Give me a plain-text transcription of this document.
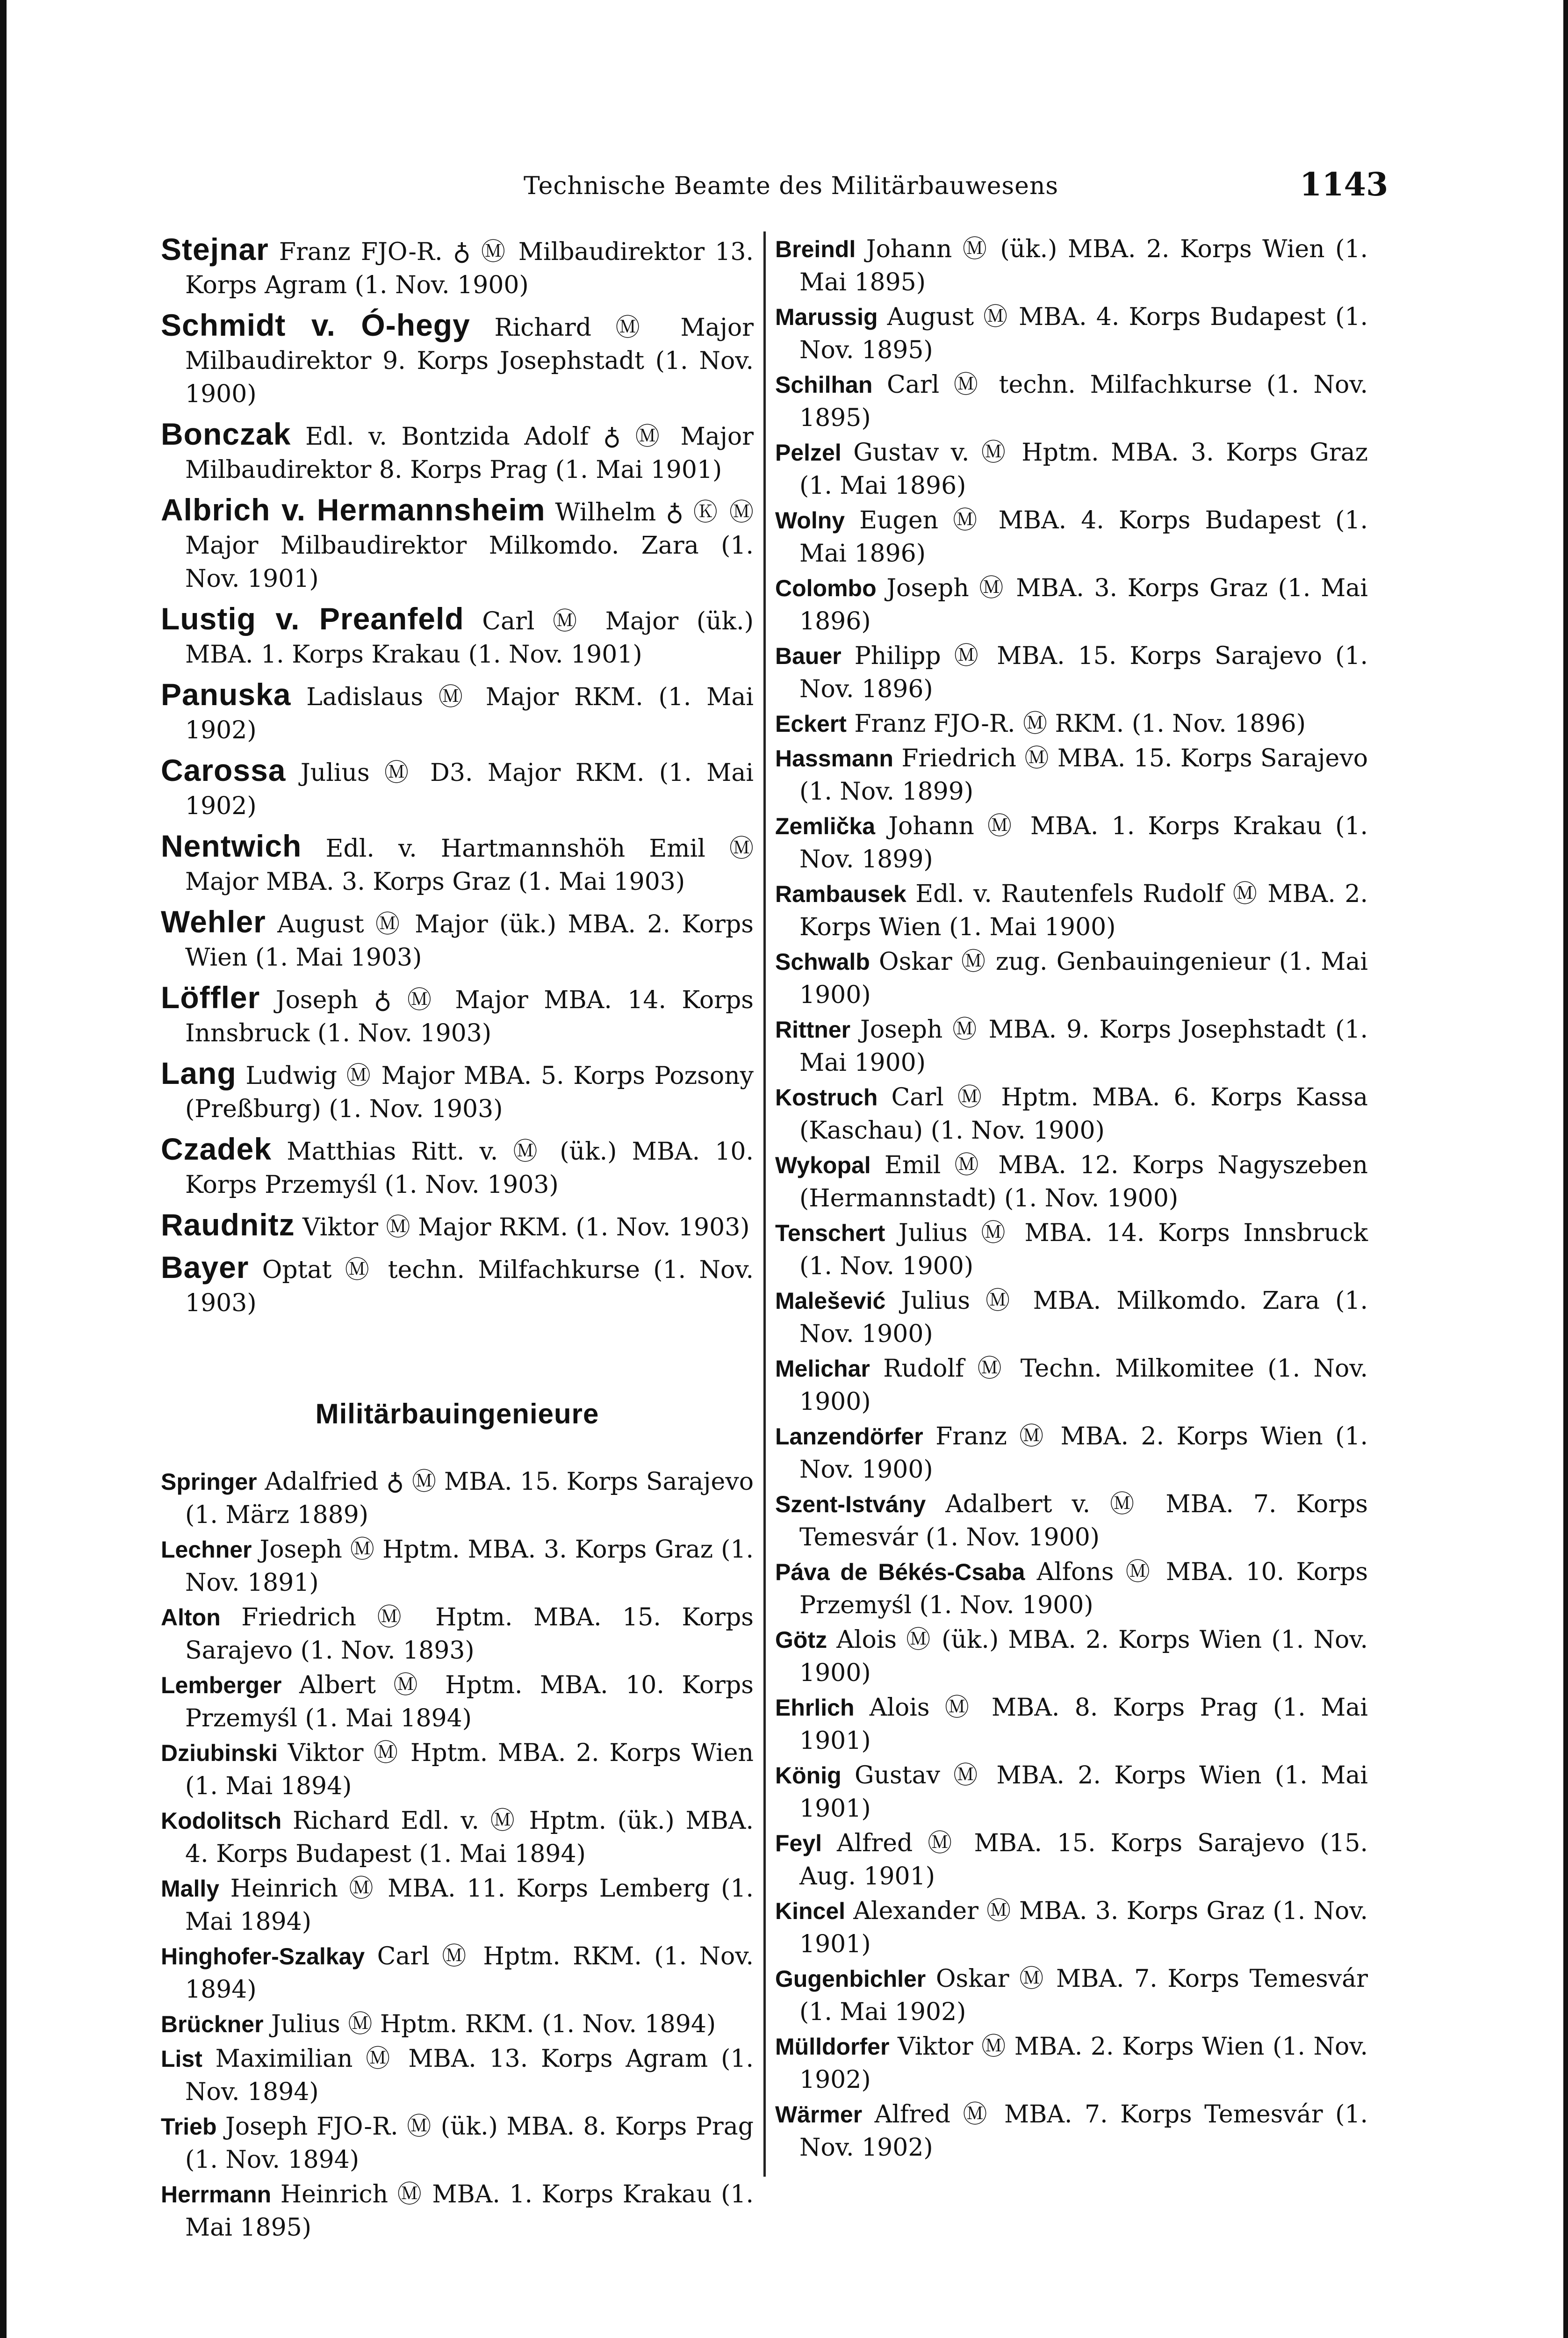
Technische Beamte des Militärbauwesens	1143
Stejnar Franz FJO-R. ♁ Ⓜ Milbaudirektor 13. Korps Agram (1. Nov. 1900)
Schmidt v. Ó-hegy Richard Ⓜ Major Milbaudirektor 9. Korps Josephstadt (1. Nov. 1900)
Bonczak Edl. v. Bontzida Adolf ♁ Ⓜ Major Milbaudirektor 8. Korps Prag (1. Mai 1901)
Albrich v. Hermannsheim Wilhelm ♁ Ⓚ Ⓜ Major Milbaudirektor Milkomdo. Zara (1. Nov. 1901)
Lustig v. Preanfeld Carl Ⓜ Major (ük.) MBA. 1. Korps Krakau (1. Nov. 1901)
Panuska Ladislaus Ⓜ Major RKM. (1. Mai 1902)
Carossa Julius Ⓜ D3. Major RKM. (1. Mai 1902)
Nentwich Edl. v. Hartmannshöh Emil Ⓜ Major MBA. 3. Korps Graz (1. Mai 1903)
Wehler August Ⓜ Major (ük.) MBA. 2. Korps Wien (1. Mai 1903)
Löffler Joseph ♁ Ⓜ Major MBA. 14. Korps Innsbruck (1. Nov. 1903)
Lang Ludwig Ⓜ Major MBA. 5. Korps Pozsony (Preßburg) (1. Nov. 1903)
Czadek Matthias Ritt. v. Ⓜ (ük.) MBA. 10. Korps Przemyśl (1. Nov. 1903)
Raudnitz Viktor Ⓜ Major RKM. (1. Nov. 1903)
Bayer Optat Ⓜ techn. Milfachkurse (1. Nov. 1903)
Militärbauingenieure
Springer Adalfried ♁ Ⓜ MBA. 15. Korps Sarajevo (1. März 1889)
Lechner Joseph Ⓜ Hptm. MBA. 3. Korps Graz (1. Nov. 1891)
Alton Friedrich Ⓜ Hptm. MBA. 15. Korps Sarajevo (1. Nov. 1893)
Lemberger Albert Ⓜ Hptm. MBA. 10. Korps Przemyśl (1. Mai 1894)
Dziubinski Viktor Ⓜ Hptm. MBA. 2. Korps Wien (1. Mai 1894)
Kodolitsch Richard Edl. v. Ⓜ Hptm. (ük.) MBA. 4. Korps Budapest (1. Mai 1894)
Mally Heinrich Ⓜ MBA. 11. Korps Lemberg (1. Mai 1894)
Hinghofer-Szalkay Carl Ⓜ Hptm. RKM. (1. Nov. 1894)
Brückner Julius Ⓜ Hptm. RKM. (1. Nov. 1894)
List Maximilian Ⓜ MBA. 13. Korps Agram (1. Nov. 1894)
Trieb Joseph FJO-R. Ⓜ (ük.) MBA. 8. Korps Prag (1. Nov. 1894)
Herrmann Heinrich Ⓜ MBA. 1. Korps Krakau (1. Mai 1895)
Breindl Johann Ⓜ (ük.) MBA. 2. Korps Wien (1. Mai 1895)
Marussig August Ⓜ MBA. 4. Korps Budapest (1. Nov. 1895)
Schilhan Carl Ⓜ techn. Milfachkurse (1. Nov. 1895)
Pelzel Gustav v. Ⓜ Hptm. MBA. 3. Korps Graz (1. Mai 1896)
Wolny Eugen Ⓜ MBA. 4. Korps Budapest (1. Mai 1896)
Colombo Joseph Ⓜ MBA. 3. Korps Graz (1. Mai 1896)
Bauer Philipp Ⓜ MBA. 15. Korps Sarajevo (1. Nov. 1896)
Eckert Franz FJO-R. Ⓜ RKM. (1. Nov. 1896)
Hassmann Friedrich Ⓜ MBA. 15. Korps Sarajevo (1. Nov. 1899)
Zemlička Johann Ⓜ MBA. 1. Korps Krakau (1. Nov. 1899)
Rambausek Edl. v. Rautenfels Rudolf Ⓜ MBA. 2. Korps Wien (1. Mai 1900)
Schwalb Oskar Ⓜ zug. Genbauingenieur (1. Mai 1900)
Rittner Joseph Ⓜ MBA. 9. Korps Josephstadt (1. Mai 1900)
Kostruch Carl Ⓜ Hptm. MBA. 6. Korps Kassa (Kaschau) (1. Nov. 1900)
Wykopal Emil Ⓜ MBA. 12. Korps Nagyszeben (Hermannstadt) (1. Nov. 1900)
Tenschert Julius Ⓜ MBA. 14. Korps Innsbruck (1. Nov. 1900)
Malešević Julius Ⓜ MBA. Milkomdo. Zara (1. Nov. 1900)
Melichar Rudolf Ⓜ Techn. Milkomitee (1. Nov. 1900)
Lanzendörfer Franz Ⓜ MBA. 2. Korps Wien (1. Nov. 1900)
Szent-Istvány Adalbert v. Ⓜ MBA. 7. Korps Temesvár (1. Nov. 1900)
Páva de Békés-Csaba Alfons Ⓜ MBA. 10. Korps Przemyśl (1. Nov. 1900)
Götz Alois Ⓜ (ük.) MBA. 2. Korps Wien (1. Nov. 1900)
Ehrlich Alois Ⓜ MBA. 8. Korps Prag (1. Mai 1901)
König Gustav Ⓜ MBA. 2. Korps Wien (1. Mai 1901)
Feyl Alfred Ⓜ MBA. 15. Korps Sarajevo (15. Aug. 1901)
Kincel Alexander Ⓜ MBA. 3. Korps Graz (1. Nov. 1901)
Gugenbichler Oskar Ⓜ MBA. 7. Korps Temesvár (1. Mai 1902)
Mülldorfer Viktor Ⓜ MBA. 2. Korps Wien (1. Nov. 1902)
Wärmer Alfred Ⓜ MBA. 7. Korps Temesvár (1. Nov. 1902)
